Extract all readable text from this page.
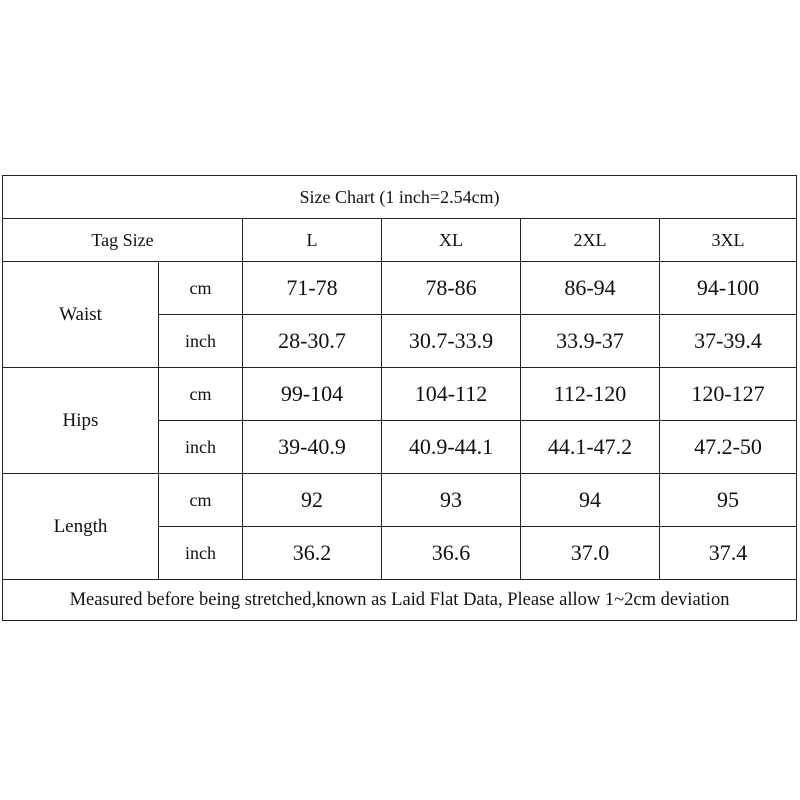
Size Chart (1 inch=2.54cm)					
Tag Size		L	XL	2XL	3XL
Waist	cm	71-78	78-86	86-94	94-100
	inch	28-30.7	30.7-33.9	33.9-37	37-39.4
Hips	cm	99-104	104-112	112-120	120-127
	inch	39-40.9	40.9-44.1	44.1-47.2	47.2-50
Length	cm	92	93	94	95
	inch	36.2	36.6	37.0	37.4
Measured before being stretched,known as Laid Flat Data, Please allow 1~2cm deviation					
